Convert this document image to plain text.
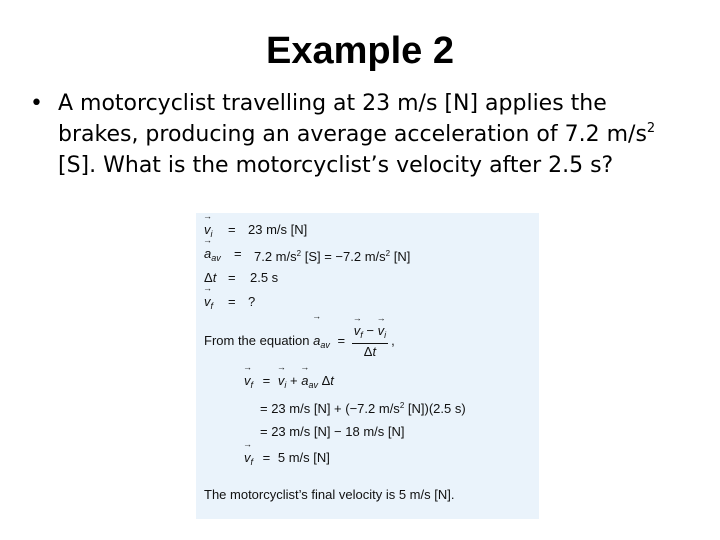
Example 2
• A motorcyclist travelling at 23 m/s [N] applies the
brakes, producing an average acceleration of 7.2 $m/s^2$
[S]. What is the motorcyclist’s velocity after 2.5 s?
→ $v_i = 23$ m/s [N]
→ $a_{av} = 7.2$ $m/s^2$ [S] = −7.2 $m/s^2$ [N]
Δt = 2.5 s
→ $v_f$ = ?
From the equation → $a_{av}$ = → $\frac{v_f - \to v_i}{\Delta t}$ ,
→ $v_f$ = → $v_i$ + → $a_{av}$ Δt
= 23 m/s [N] + (−7.2 $m/s^2$ [N])(2.5 s)
= 23 m/s [N] − 18 m/s [N]
→ $v_f = 5$ m/s [N]
The motorcyclist’s final velocity is 5 m/s [N].
